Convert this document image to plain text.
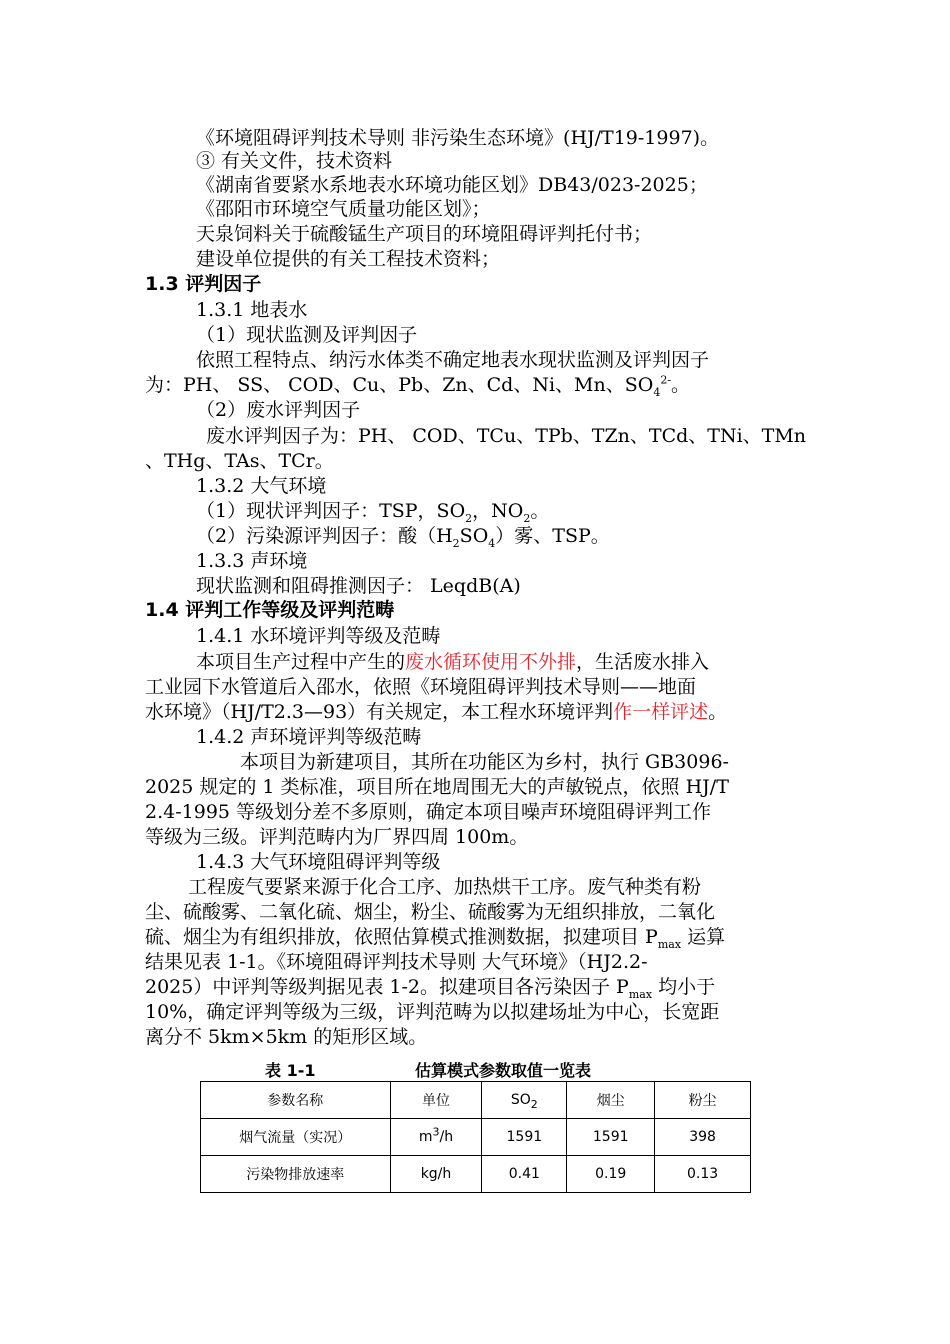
《环境阻碍评判技术导则 非污染生态环境》(HJ/T19-1997)。
③ 有关文件，技术资料
《湖南省要紧水系地表水环境功能区划》DB43/023-2025；
《邵阳市环境空气质量功能区划》；
天泉饲料关于硫酸锰生产项目的环境阻碍评判托付书；
建设单位提供的有关工程技术资料；
1.3 评判因子
1.3.1 地表水
（1）现状监测及评判因子
依照工程特点、纳污水体类不确定地表水现状监测及评判因子
为：PH、 SS、 COD、Cu、Pb、Zn、Cd、Ni、Mn、$SO_4^{2-}$。
（2）废水评判因子
废水评判因子为：PH、 COD、TCu、TPb、TZn、TCd、TNi、TMn
、THg、TAs、TCr。
1.3.2 大气环境
（1）现状评判因子：TSP，$SO_2$，$NO_2$。
（2）污染源评判因子：酸$(H_2SO_4)$雾、TSP。
1.3.3 声环境
现状监测和阻碍推测因子： LeqdB(A)
1.4 评判工作等级及评判范畴
1.4.1 水环境评判等级及范畴
本项目生产过程中产生的废水循环使用不外排，生活废水排入
工业园下水管道后入邵水，依照《环境阻碍评判技术导则——地面
水环境》（HJ/T2.3—93）有关规定，本工程水环境评判作一样评述。
1.4.2 声环境评判等级范畴
本项目为新建项目，其所在功能区为乡村，执行 GB3096-
2025 规定的 1 类标准，项目所在地周围无大的声敏锐点，依照 HJ/T
2.4-1995 等级划分差不多原则，确定本项目噪声环境阻碍评判工作
等级为三级。评判范畴内为厂界四周 100m。
1.4.3 大气环境阻碍评判等级
工程废气要紧来源于化合工序、加热烘干工序。废气种类有粉
尘、硫酸雾、二氧化硫、烟尘，粉尘、硫酸雾为无组织排放，二氧化
硫、烟尘为有组织排放，依照估算模式推测数据，拟建项目 $P_{max}$ 运算
结果见表 1-1。《环境阻碍评判技术导则 大气环境》（HJ2.2-
2025）中评判等级判据见表 1-2。拟建项目各污染因子 $P_{max}$ 均小于
10%，确定评判等级为三级，评判范畴为以拟建场址为中心，长宽距
离分不 5km×5km 的矩形区域。
表 1-1	估算模式参数取值一览表
参数名称	单位	$SO_2$	烟尘	粉尘
烟气流量（实况）	$m^3/h$	1591	1591	398
污染物排放速率	kg/h	0.41	0.19	0.13
